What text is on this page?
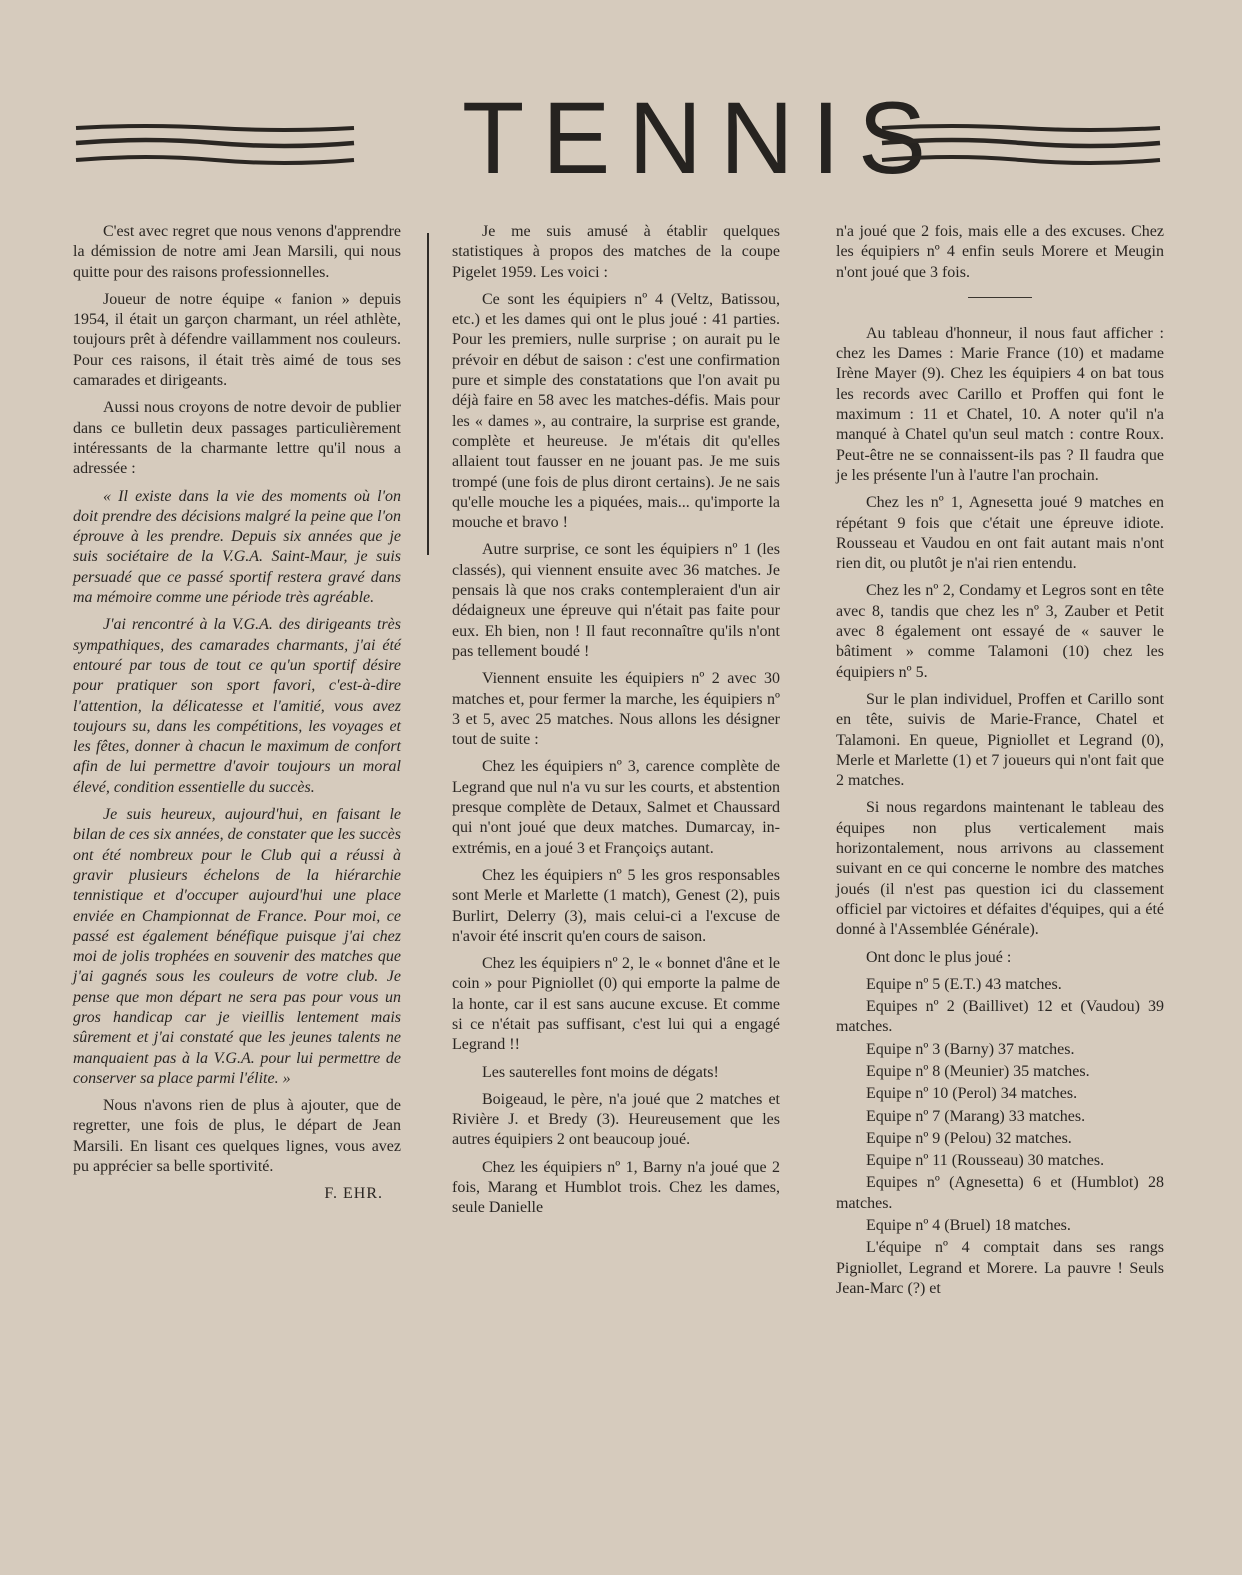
TENNIS

C'est avec regret que nous venons d'apprendre la démission de notre ami Jean Marsili, qui nous quitte pour des raisons professionnelles.

Joueur de notre équipe « fanion » depuis 1954, il était un garçon charmant, un réel athlète, toujours prêt à défendre vaillamment nos couleurs. Pour ces raisons, il était très aimé de tous ses camarades et dirigeants.

Aussi nous croyons de notre devoir de publier dans ce bulletin deux passages particulièrement intéressants de la charmante lettre qu'il nous a adressée :

« Il existe dans la vie des moments où l'on doit prendre des décisions malgré la peine que l'on éprouve à les prendre. Depuis six années que je suis sociétaire de la V.G.A. Saint-Maur, je suis persuadé que ce passé sportif restera gravé dans ma mémoire comme une période très agréable.

J'ai rencontré à la V.G.A. des dirigeants très sympathiques, des camarades charmants, j'ai été entouré par tous de tout ce qu'un sportif désire pour pratiquer son sport favori, c'est-à-dire l'attention, la délicatesse et l'amitié, vous avez toujours su, dans les compétitions, les voyages et les fêtes, donner à chacun le maximum de confort afin de lui permettre d'avoir toujours un moral élevé, condition essentielle du succès.

Je suis heureux, aujourd'hui, en faisant le bilan de ces six années, de constater que les succès ont été nombreux pour le Club qui a réussi à gravir plusieurs échelons de la hiérarchie tennistique et d'occuper aujourd'hui une place enviée en Championnat de France. Pour moi, ce passé est également bénéfique puisque j'ai chez moi de jolis trophées en souvenir des matches que j'ai gagnés sous les couleurs de votre club. Je pense que mon départ ne sera pas pour vous un gros handicap car je vieillis lentement mais sûrement et j'ai constaté que les jeunes talents ne manquaient pas à la V.G.A. pour lui permettre de conserver sa place parmi l'élite. »

Nous n'avons rien de plus à ajouter, que de regretter, une fois de plus, le départ de Jean Marsili. En lisant ces quelques lignes, vous avez pu apprécier sa belle sportivité.

F. EHR.

Je me suis amusé à établir quelques statistiques à propos des matches de la coupe Pigelet 1959. Les voici :

Ce sont les équipiers nº 4 (Veltz, Batissou, etc.) et les dames qui ont le plus joué : 41 parties. Pour les premiers, nulle surprise ; on aurait pu le prévoir en début de saison : c'est une confirmation pure et simple des constatations que l'on avait pu déjà faire en 58 avec les matches-défis. Mais pour les « dames », au contraire, la surprise est grande, complète et heureuse. Je m'étais dit qu'elles allaient tout fausser en ne jouant pas. Je me suis trompé (une fois de plus diront certains). Je ne sais qu'elle mouche les a piquées, mais... qu'importe la mouche et bravo !

Autre surprise, ce sont les équipiers nº 1 (les classés), qui viennent ensuite avec 36 matches. Je pensais là que nos craks contempleraient d'un air dédaigneux une épreuve qui n'était pas faite pour eux. Eh bien, non ! Il faut reconnaître qu'ils n'ont pas tellement boudé !

Viennent ensuite les équipiers nº 2 avec 30 matches et, pour fermer la marche, les équipiers nº 3 et 5, avec 25 matches. Nous allons les désigner tout de suite :

Chez les équipiers nº 3, carence complète de Legrand que nul n'a vu sur les courts, et abstention presque complète de Detaux, Salmet et Chaussard qui n'ont joué que deux matches. Dumarcay, in-extrémis, en a joué 3 et Françoiçs autant.

Chez les équipiers nº 5 les gros responsables sont Merle et Marlette (1 match), Genest (2), puis Burlirt, Delerry (3), mais celui-ci a l'excuse de n'avoir été inscrit qu'en cours de saison.

Chez les équipiers nº 2, le « bonnet d'âne et le coin » pour Pigniollet (0) qui emporte la palme de la honte, car il est sans aucune excuse. Et comme si ce n'était pas suffisant, c'est lui qui a engagé Legrand !!

Les sauterelles font moins de dégats!

Boigeaud, le père, n'a joué que 2 matches et Rivière J. et Bredy (3). Heureusement que les autres équipiers 2 ont beaucoup joué.

Chez les équipiers nº 1, Barny n'a joué que 2 fois, Marang et Humblot trois. Chez les dames, seule Danielle

n'a joué que 2 fois, mais elle a des excuses. Chez les équipiers nº 4 enfin seuls Morere et Meugin n'ont joué que 3 fois.

Au tableau d'honneur, il nous faut afficher : chez les Dames : Marie France (10) et madame Irène Mayer (9). Chez les équipiers 4 on bat tous les records avec Carillo et Proffen qui font le maximum : 11 et Chatel, 10. A noter qu'il n'a manqué à Chatel qu'un seul match : contre Roux. Peut-être ne se connaissent-ils pas ? Il faudra que je les présente l'un à l'autre l'an prochain.

Chez les nº 1, Agnesetta joué 9 matches en répétant 9 fois que c'était une épreuve idiote. Rousseau et Vaudou en ont fait autant mais n'ont rien dit, ou plutôt je n'ai rien entendu.

Chez les nº 2, Condamy et Legros sont en tête avec 8, tandis que chez les nº 3, Zauber et Petit avec 8 également ont essayé de « sauver le bâtiment » comme Talamoni (10) chez les équipiers nº 5.

Sur le plan individuel, Proffen et Carillo sont en tête, suivis de Marie-France, Chatel et Talamoni. En queue, Pigniollet et Legrand (0), Merle et Marlette (1) et 7 joueurs qui n'ont fait que 2 matches.

Si nous regardons maintenant le tableau des équipes non plus verticalement mais horizontalement, nous arrivons au classement suivant en ce qui concerne le nombre des matches joués (il n'est pas question ici du classement officiel par victoires et défaites d'équipes, qui a été donné à l'Assemblée Générale).

Ont donc le plus joué :

Equipe nº 5 (E.T.) 43 matches.

Equipes nº 2 (Baillivet) 12 et (Vaudou) 39 matches.

Equipe nº 3 (Barny) 37 matches.

Equipe nº 8 (Meunier) 35 matches.

Equipe nº 10 (Perol) 34 matches.

Equipe nº 7 (Marang) 33 matches.

Equipe nº 9 (Pelou) 32 matches.

Equipe nº 11 (Rousseau) 30 matches.

Equipes nº (Agnesetta) 6 et (Humblot) 28 matches.

Equipe nº 4 (Bruel) 18 matches.

L'équipe nº 4 comptait dans ses rangs Pigniollet, Legrand et Morere. La pauvre ! Seuls Jean-Marc (?) et
